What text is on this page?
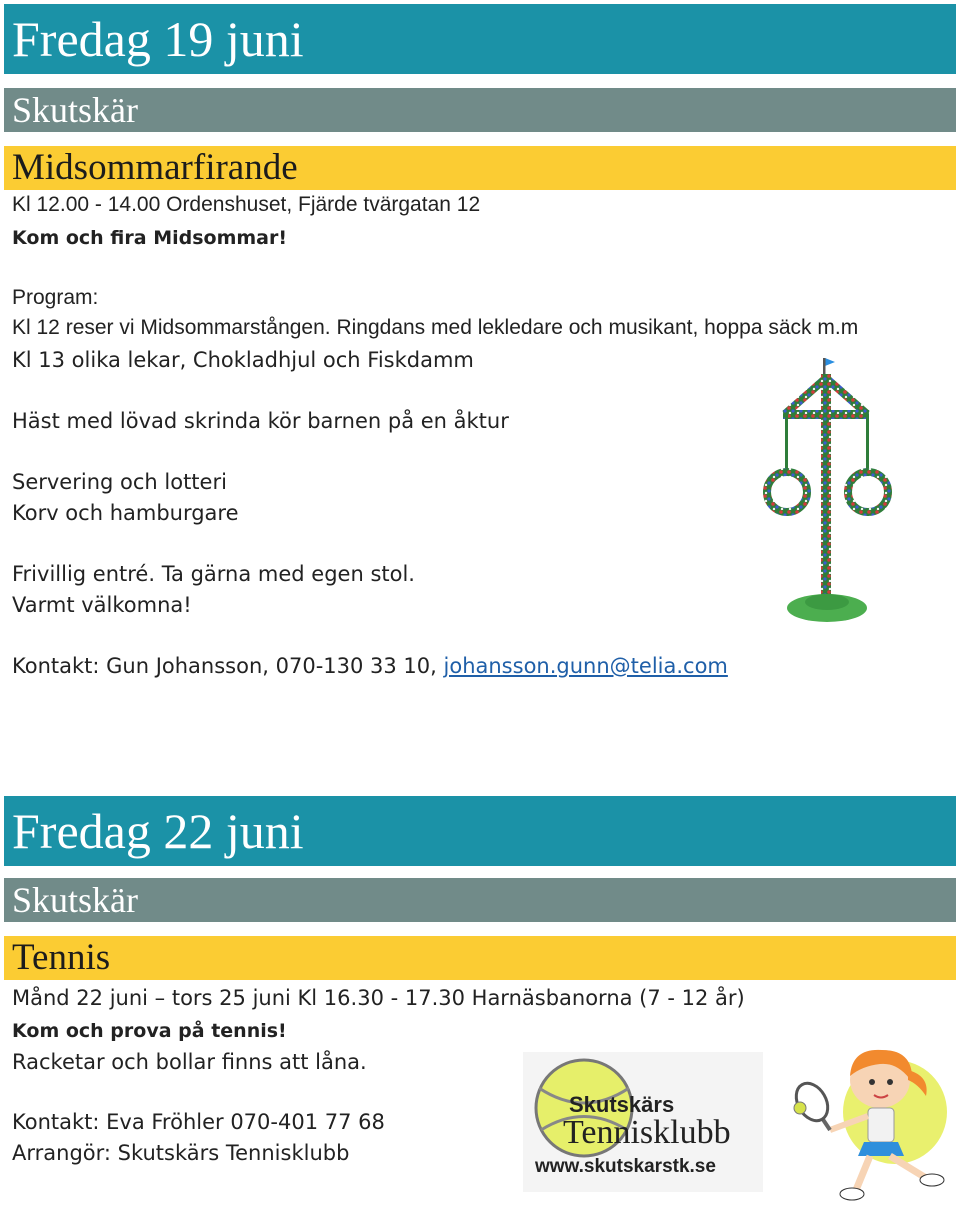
Fredag 19 juni
Skutskär
Midsommarfirande
Kl 12.00 - 14.00 Ordenshuset, Fjärde tvärgatan 12
Kom och fira Midsommar!
Program:
Kl 12 reser vi Midsommarstången. Ringdans med lekledare och musikant, hoppa säck m.m
Kl 13 olika lekar, Chokladhjul och Fiskdamm
Häst med lövad skrinda kör barnen på en åktur
Servering och lotteri
Korv och hamburgare
Frivillig entré. Ta gärna med egen stol.
Varmt välkomna!
Kontakt: Gun Johansson, 070-130 33 10, johansson.gunn@telia.com
Fredag 22 juni
Skutskär
Tennis
Månd 22 juni – tors 25 juni Kl 16.30 - 17.30 Harnäsbanorna (7 - 12 år)
Kom och prova på tennis!
Racketar och bollar finns att låna.
Kontakt: Eva Fröhler 070-401 77 68
Arrangör: Skutskärs Tennisklubb
Skutskärs
Tennisklubb
www.skutskarstk.se
